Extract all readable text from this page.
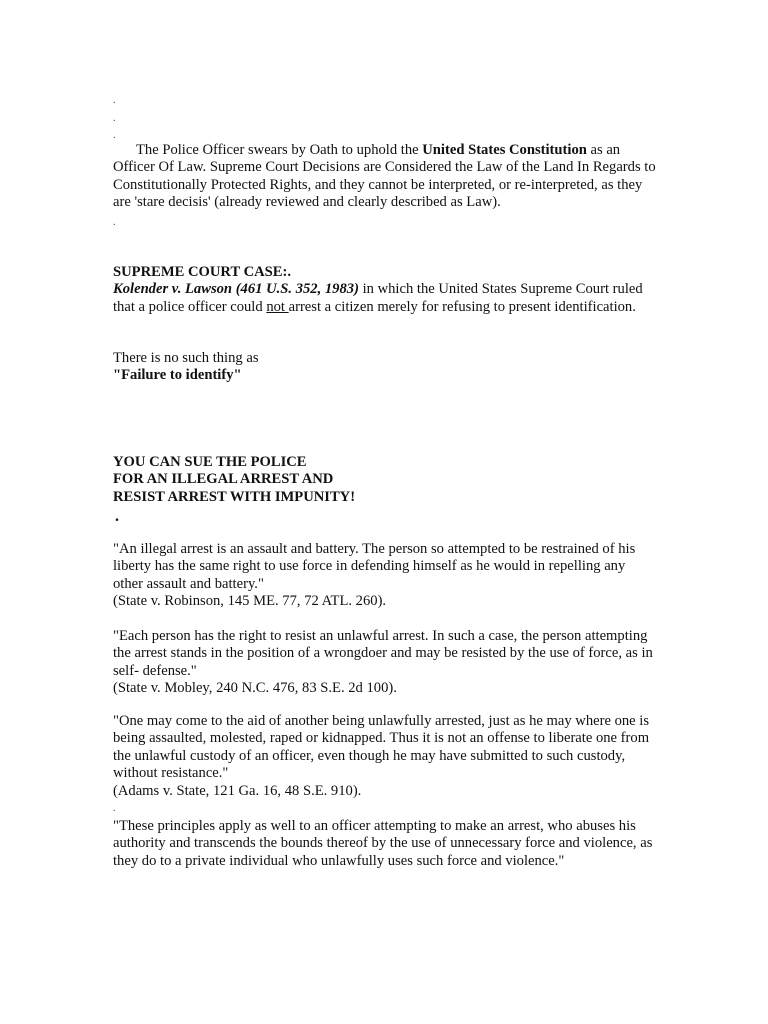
.
.
.

The Police Officer swears by Oath to uphold the United States Constitution as an Officer Of Law. Supreme Court Decisions are Considered the Law of the Land In Regards to Constitutionally Protected Rights, and they cannot be interpreted, or re-interpreted, as they are 'stare decisis' (already reviewed and clearly described as Law).

.

SUPREME COURT CASE:.
Kolender v. Lawson (461 U.S. 352, 1983) in which the United States Supreme Court ruled that a police officer could not arrest a citizen merely for refusing to present identification.

There is no such thing as
"Failure to identify"

YOU CAN SUE THE POLICE
FOR AN ILLEGAL ARREST AND
RESIST ARREST WITH IMPUNITY!

.

"An illegal arrest is an assault and battery. The person so attempted to be restrained of his liberty has the same right to use force in defending himself as he would in repelling any other assault and battery."
(State v. Robinson, 145 ME. 77, 72 ATL. 260).

"Each person has the right to resist an unlawful arrest. In such a case, the person attempting the arrest stands in the position of a wrongdoer and may be resisted by the use of force, as in self- defense."
(State v. Mobley, 240 N.C. 476, 83 S.E. 2d 100).

"One may come to the aid of another being unlawfully arrested, just as he may where one is being assaulted, molested, raped or kidnapped. Thus it is not an offense to liberate one from the unlawful custody of an officer, even though he may have submitted to such custody, without resistance."
(Adams v. State, 121 Ga. 16, 48 S.E. 910).

.

"These principles apply as well to an officer attempting to make an arrest, who abuses his authority and transcends the bounds thereof by the use of unnecessary force and violence, as they do to a private individual who unlawfully uses such force and violence."
